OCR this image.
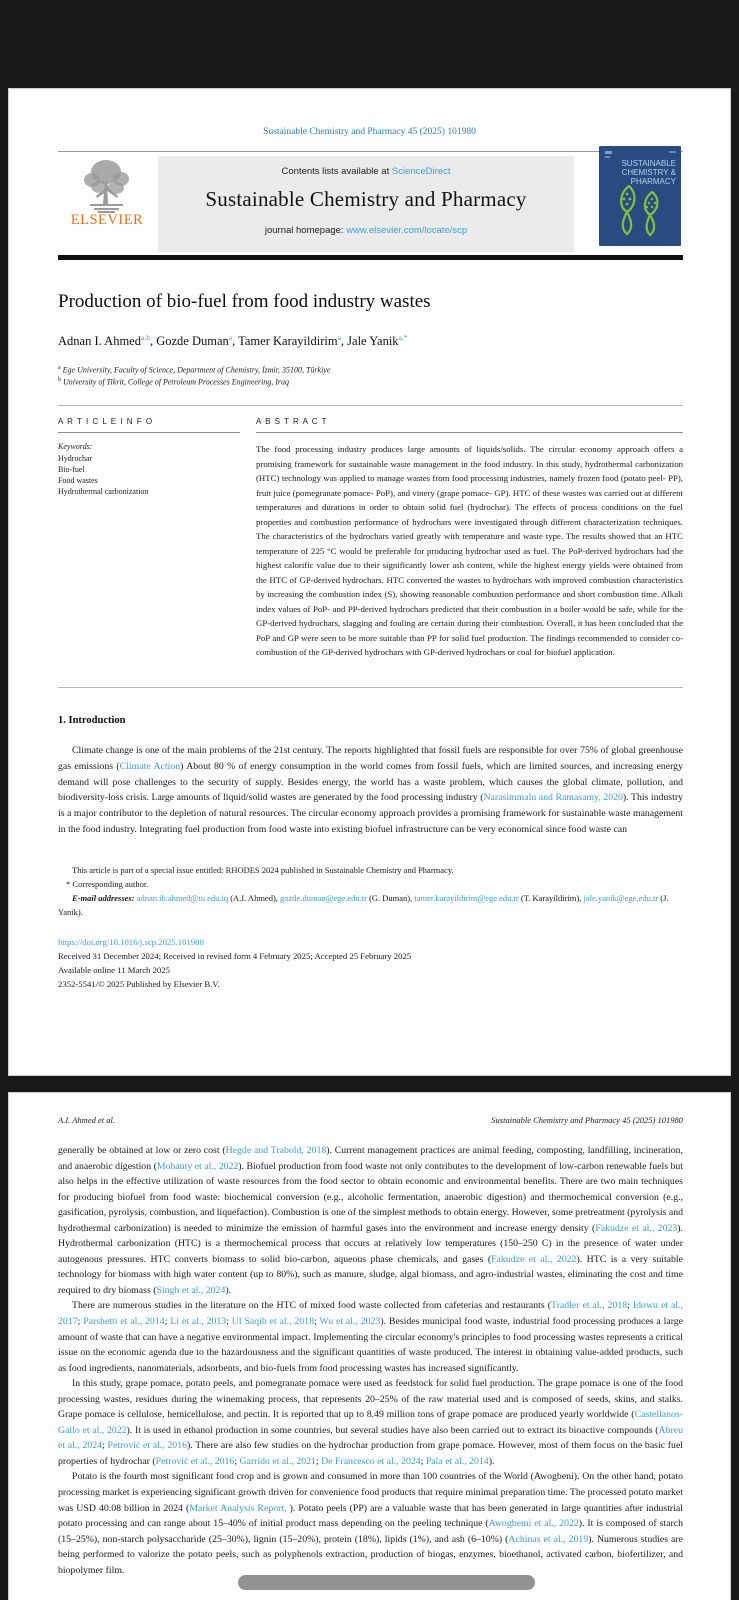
Sustainable Chemistry and Pharmacy 45 (2025) 101980
ELSEVIER
Contents lists available at ScienceDirect
Sustainable Chemistry and Pharmacy
journal homepage: www.elsevier.com/locate/scp
SUSTAINABLE
CHEMISTRY &
PHARMACY
Production of bio-fuel from food industry wastes
Adnan I. Ahmed$^{a,b}$, Gozde Duman$^a$, Tamer Karayildirim$^a$, Jale Yanik$^{a,*}$
$^a$ Ege University, Faculty of Science, Department of Chemistry, İzmir, 35100, Türkiye
$^b$ University of Tikrit, College of Petroleum Processes Engineering, Iraq
A R T I C L E I N F O
Keywords:
Hydrochar
Bio-fuel
Food wastes
Hydrothermal carbonization
A B S T R A C T
The food processing industry produces large amounts of liquids/solids. The circular economy approach offers a promising framework for sustainable waste management in the food industry. In this study, hydrothermal carbonization (HTC) technology was applied to manage wastes from food processing industries, namely frozen food (potato peel- PP), fruit juice (pomegranate pomace- PoP), and vinery (grape pomace- GP). HTC of these wastes was carried out at different temperatures and durations in order to obtain solid fuel (hydrochar). The effects of process conditions on the fuel properties and combustion performance of hydrochars were investigated through different characterization techniques. The characteristics of the hydrochars varied greatly with temperature and waste type. The results showed that an HTC temperature of 225 °C would be preferable for producing hydrochar used as fuel. The PoP-derived hydrochars had the highest calorific value due to their significantly lower ash content, while the highest energy yields were obtained from the HTC of GP-derived hydrochars. HTC converted the wastes to hydrochars with improved combustion characteristics by increasing the combustion index (S), showing reasonable combustion performance and short combustion time. Alkali index values of PoP- and PP-derived hydrochars predicted that their combustion in a boiler would be safe, while for the GP-derived hydrochars, slagging and fouling are certain during their combustion. Overall, it has been concluded that the PoP and GP were seen to be more suitable than PP for solid fuel production. The findings recommended to consider co-combustion of the GP-derived hydrochars with GP-derived hydrochars or coal for biofuel application.
1. Introduction

Climate change is one of the main problems of the 21st century. The reports highlighted that fossil fuels are responsible for over 75% of global greenhouse gas emissions (Climate Action) About 80 % of energy consumption in the world comes from fossil fuels, which are limited sources, and increasing energy demand will pose challenges to the security of supply. Besides energy, the world has a waste problem, which causes the global climate, pollution, and biodiversity-loss crisis. Large amounts of liquid/solid wastes are generated by the food processing industry (Narasimmalu and Ramasamy, 2020). This industry is a major contributor to the depletion of natural resources. The circular economy approach provides a promising framework for sustainable waste management in the food industry. Integrating fuel production from food waste into existing biofuel infrastructure can be very economical since food waste can

This article is part of a special issue entitled: RHODES 2024 published in Sustainable Chemistry and Pharmacy.
* Corresponding author.
E-mail addresses: adnan.ib.ahmed@tu.edu.iq (A.I. Ahmed), gozde.duman@ege.edu.tr (G. Duman), tamer.karayildirim@ege.edu.tr (T. Karayildirim), jale.yanik@ege.edu.tr (J. Yanik).
https://doi.org/10.1016/j.scp.2025.101980
Received 31 December 2024; Received in revised form 4 February 2025; Accepted 25 February 2025
Available online 11 March 2025
2352-5541/© 2025 Published by Elsevier B.V.
A.I. Ahmed et al.	Sustainable Chemistry and Pharmacy 45 (2025) 101980

generally be obtained at low or zero cost (Hegde and Trabold, 2018). Current management practices are animal feeding, composting, landfilling, incineration, and anaerobic digestion (Mohanty et al., 2022). Biofuel production from food waste not only contributes to the development of low-carbon renewable fuels but also helps in the effective utilization of waste resources from the food sector to obtain economic and environmental benefits. There are two main techniques for producing biofuel from food waste: biochemical conversion (e.g., alcoholic fermentation, anaerobic digestion) and thermochemical conversion (e.g., gasification, pyrolysis, combustion, and liquefaction). Combustion is one of the simplest methods to obtain energy. However, some pretreatment (pyrolysis and hydrothermal carbonization) is needed to minimize the emission of harmful gases into the environment and increase energy density (Fakudze et al., 2023). Hydrothermal carbonization (HTC) is a thermochemical process that occurs at relatively low temperatures (150–250 C) in the presence of water under autogenous pressures. HTC converts biomass to solid bio-carbon, aqueous phase chemicals, and gases (Fakudze et al., 2022). HTC is a very suitable technology for biomass with high water content (up to 80%), such as manure, sludge, algal biomass, and agro-industrial wastes, eliminating the cost and time required to dry biomass (Singh et al., 2024).

There are numerous studies in the literature on the HTC of mixed food waste collected from cafeterias and restaurants (Tradler et al., 2018; Idowu et al., 2017; Parshetti et al., 2014; Li et al., 2013; Ul Saqib et al., 2018; Wu et al., 2023). Besides municipal food waste, industrial food processing produces a large amount of waste that can have a negative environmental impact. Implementing the circular economy's principles to food processing wastes represents a critical issue on the economic agenda due to the hazardousness and the significant quantities of waste produced. The interest in obtaining value-added products, such as food ingredients, nanomaterials, adsorbents, and bio-fuels from food processing wastes has increased significantly.

In this study, grape pomace, potato peels, and pomegranate pomace were used as feedstock for solid fuel production. The grape pomace is one of the food processing wastes, residues during the winemaking process, that represents 20–25% of the raw material used and is composed of seeds, skins, and stalks. Grape pomace is cellulose, hemicellulose, and pectin. It is reported that up to 8.49 million tons of grape pomace are produced yearly worldwide (Castellanos-Gallo et al., 2022). It is used in ethanol production in some countries, but several studies have also been carried out to extract its bioactive compounds (Abreu et al., 2024; Petrović et al., 2016). There are also few studies on the hydrochar production from grape pomace. However, most of them focus on the basic fuel properties of hydrochar (Petrović et al., 2016; Garrido et al., 2021; De Francesco et al., 2024; Pala et al., 2014).

Potato is the fourth most significant food crop and is grown and consumed in more than 100 countries of the World (Awogbeni). On the other hand, potato processing market is experiencing significant growth driven for convenience food products that require minimal preparation time. The processed potato market was USD 40.08 billion in 2024 (Market Analysis Report, ). Potato peels (PP) are a valuable waste that has been generated in large quantities after industrial potato processing and can range about 15–40% of initial product mass depending on the peeling technique (Awogbemi et al., 2022). It is composed of starch (15–25%), non-starch polysaccharide (25–30%), lignin (15–20%), protein (18%), lipids (1%), and ash (6–10%) (Achinas et al., 2019). Numerous studies are being performed to valorize the potato peels, such as polyphenols extraction, production of biogas, enzymes, bioethanol, activated carbon, biofertilizer, and biopolymer film.
